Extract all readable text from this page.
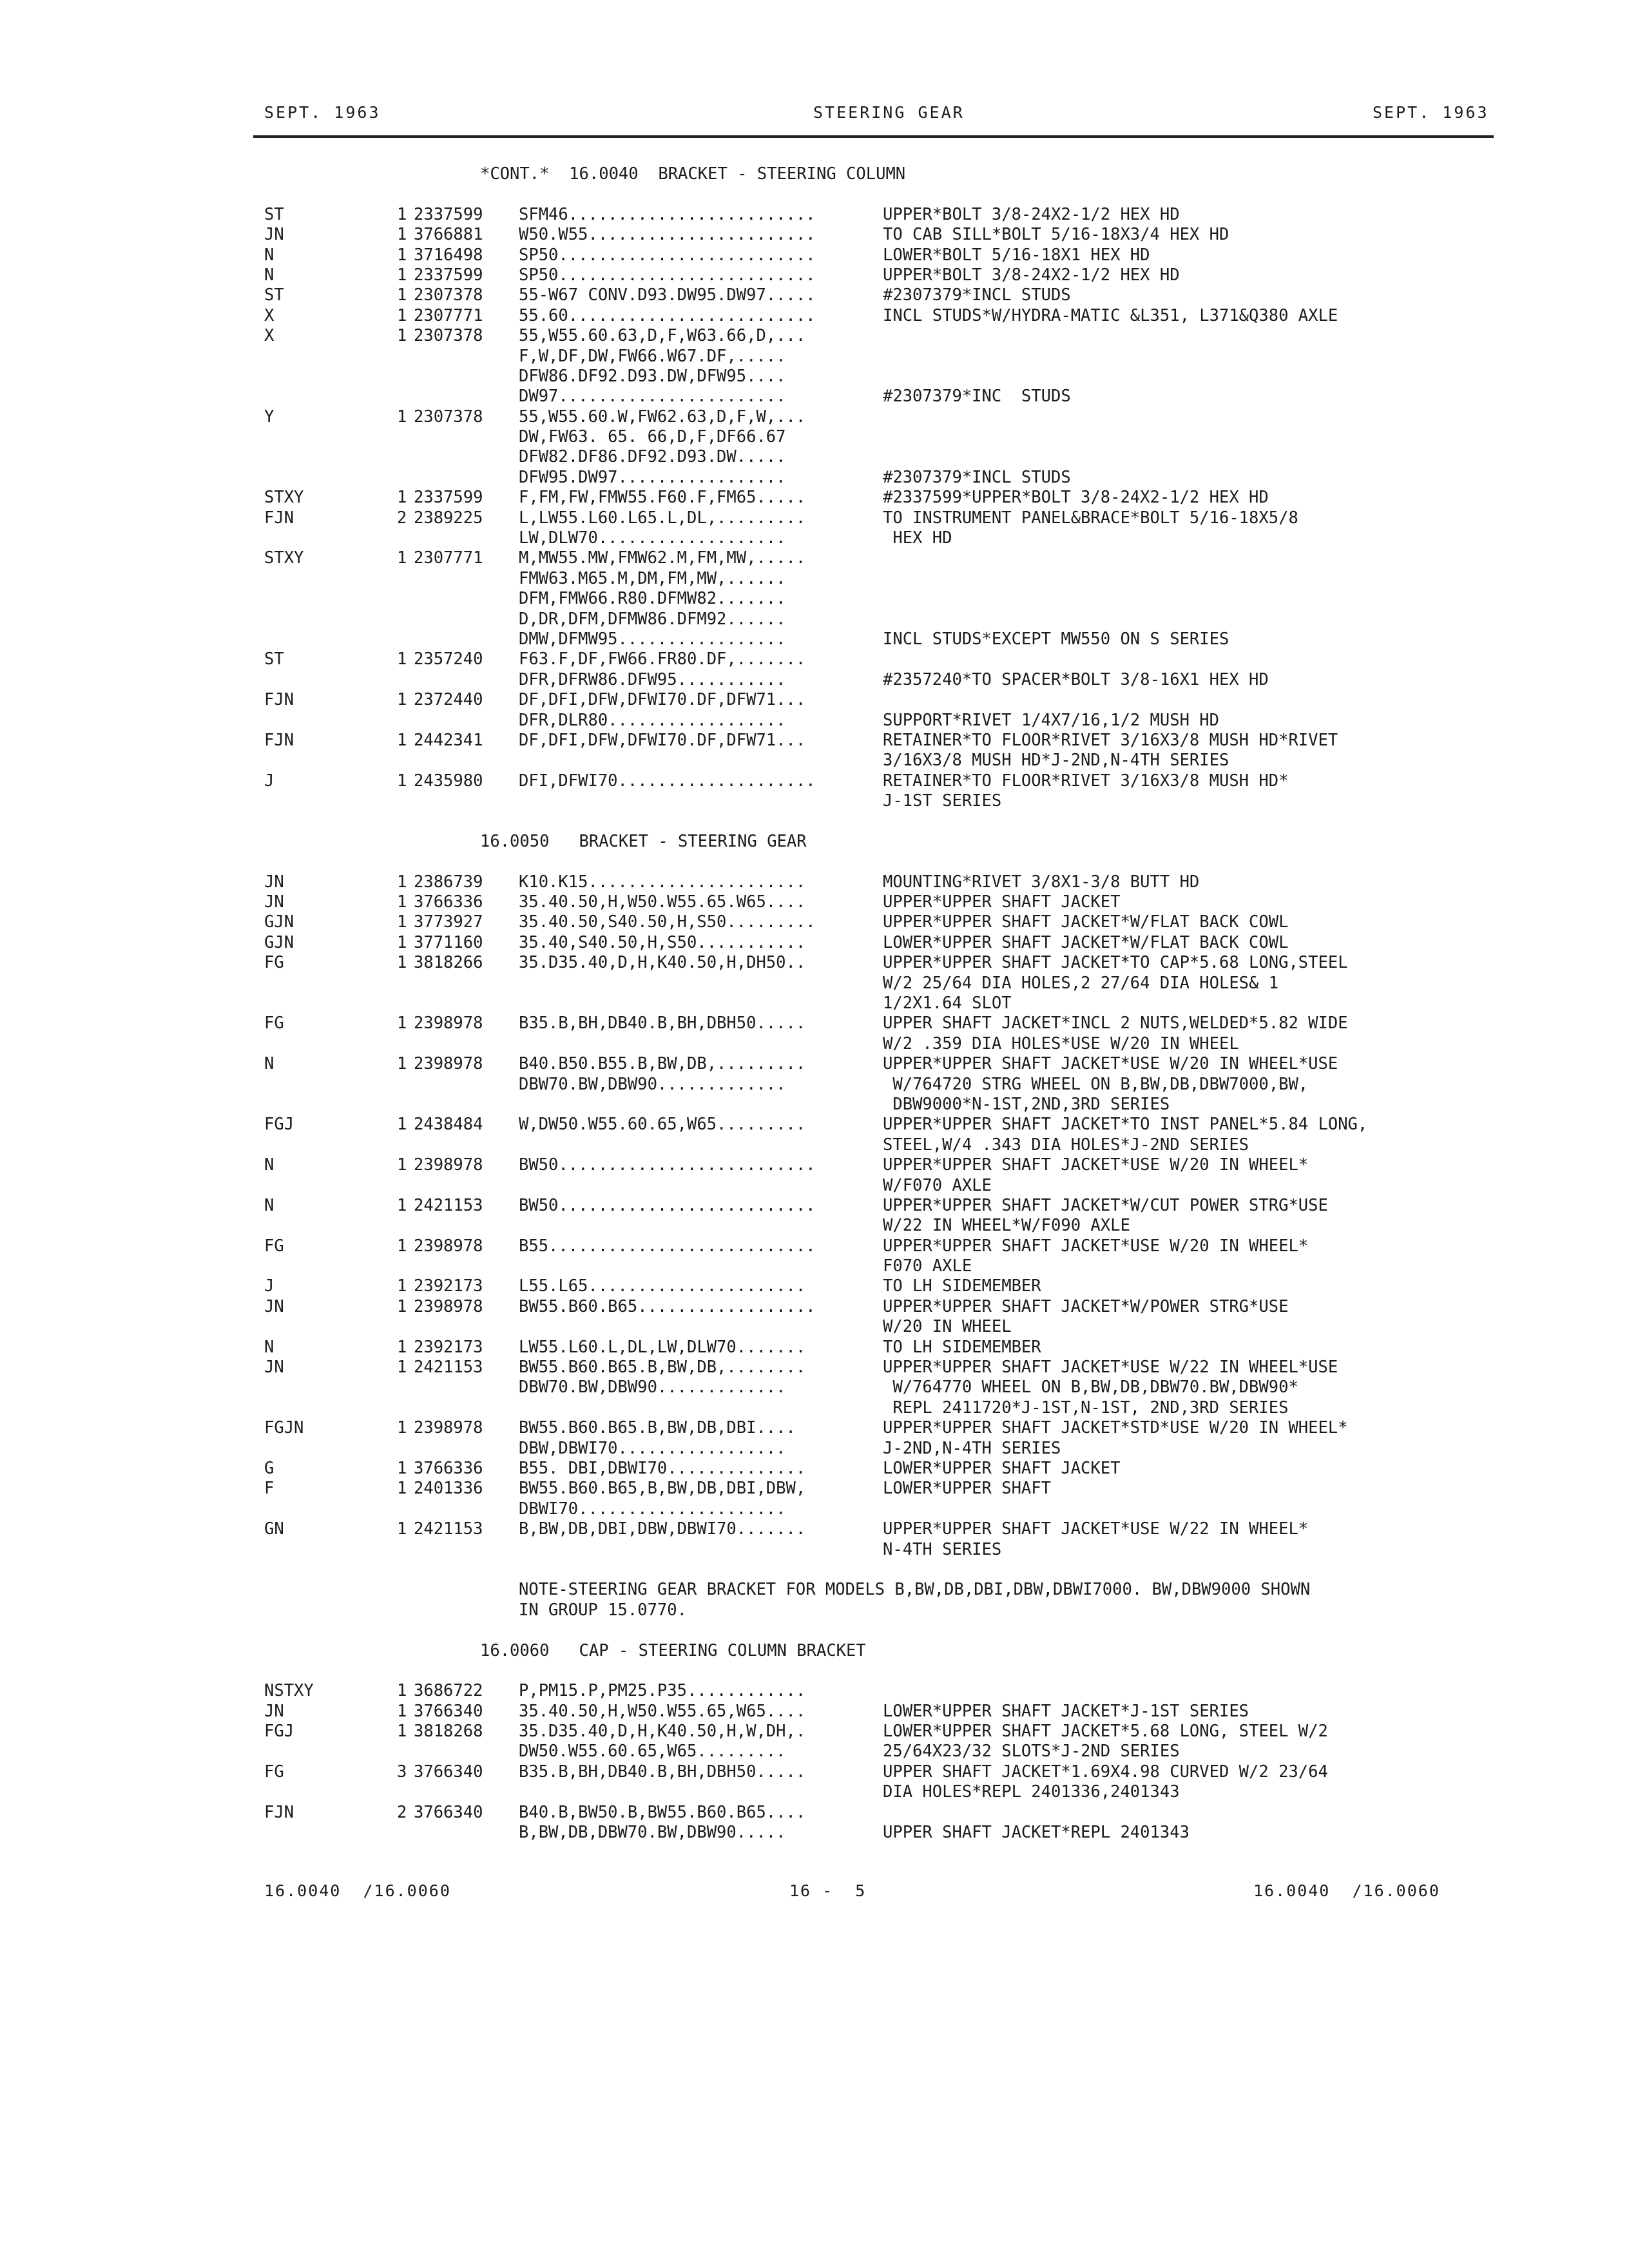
SEPT. 1963	STEERING GEAR	SEPT. 1963
*CONT.*  16.0040  BRACKET - STEERING COLUMN
ST	1 2337599 SFM46.........................	UPPER*BOLT 3/8-24X2-1/2 HEX HD
JN	1 3766881 W50.W55.......................	TO CAB SILL*BOLT 5/16-18X3/4 HEX HD
N	1 3716498 SP50..........................	LOWER*BOLT 5/16-18X1 HEX HD
N	1 2337599 SP50..........................	UPPER*BOLT 3/8-24X2-1/2 HEX HD
ST	1 2307378 55-W67 CONV.D93.DW95.DW97.....	#2307379*INCL STUDS
X	1 2307771 55.60.........................	INCL STUDS*W/HYDRA-MATIC &L351, L371&Q380 AXLE
X	1 2307378 55,W55.60.63,D,F,W63.66,D,...
F,W,DF,DW,FW66.W67.DF,.....
DFW86.DF92.D93.DW,DFW95....
DW97.......................	#2307379*INC  STUDS
Y	1 2307378 55,W55.60.W,FW62.63,D,F,W,...
DW,FW63. 65. 66,D,F,DF66.67
DFW82.DF86.DF92.D93.DW.....
DFW95.DW97.................	#2307379*INCL STUDS
STXY	1 2337599 F,FM,FW,FMW55.F60.F,FM65.....	#2337599*UPPER*BOLT 3/8-24X2-1/2 HEX HD
FJN	2 2389225 L,LW55.L60.L65.L,DL,.........	TO INSTRUMENT PANEL&BRACE*BOLT 5/16-18X5/8
LW,DLW70...................	HEX HD
STXY	1 2307771 M,MW55.MW,FMW62.M,FM,MW,.....
FMW63.M65.M,DM,FM,MW,......
DFM,FMW66.R80.DFMW82.......
D,DR,DFM,DFMW86.DFM92......
DMW,DFMW95.................	INCL STUDS*EXCEPT MW550 ON S SERIES
ST	1 2357240 F63.F,DF,FW66.FR80.DF,.......
DFR,DFRW86.DFW95...........	#2357240*TO SPACER*BOLT 3/8-16X1 HEX HD
FJN	1 2372440 DF,DFI,DFW,DFWI70.DF,DFW71...
DFR,DLR80..................	SUPPORT*RIVET 1/4X7/16,1/2 MUSH HD
FJN	1 2442341 DF,DFI,DFW,DFWI70.DF,DFW71...	RETAINER*TO FLOOR*RIVET 3/16X3/8 MUSH HD*RIVET
3/16X3/8 MUSH HD*J-2ND,N-4TH SERIES
J	1 2435980 DFI,DFWI70....................	RETAINER*TO FLOOR*RIVET 3/16X3/8 MUSH HD*
J-1ST SERIES
16.0050   BRACKET - STEERING GEAR
JN	1 2386739 K10.K15......................	MOUNTING*RIVET 3/8X1-3/8 BUTT HD
JN	1 3766336 35.40.50,H,W50.W55.65.W65....	UPPER*UPPER SHAFT JACKET
GJN	1 3773927 35.40.50,S40.50,H,S50.........	UPPER*UPPER SHAFT JACKET*W/FLAT BACK COWL
GJN	1 3771160 35.40,S40.50,H,S50...........	LOWER*UPPER SHAFT JACKET*W/FLAT BACK COWL
FG	1 3818266 35.D35.40,D,H,K40.50,H,DH50..	UPPER*UPPER SHAFT JACKET*TO CAP*5.68 LONG,STEEL
W/2 25/64 DIA HOLES,2 27/64 DIA HOLES& 1
1/2X1.64 SLOT
FG	1 2398978 B35.B,BH,DB40.B,BH,DBH50.....	UPPER SHAFT JACKET*INCL 2 NUTS,WELDED*5.82 WIDE
W/2 .359 DIA HOLES*USE W/20 IN WHEEL
N	1 2398978 B40.B50.B55.B,BW,DB,.........	UPPER*UPPER SHAFT JACKET*USE W/20 IN WHEEL*USE
DBW70.BW,DBW90.............	W/764720 STRG WHEEL ON B,BW,DB,DBW7000,BW,
DBW9000*N-1ST,2ND,3RD SERIES
FGJ	1 2438484 W,DW50.W55.60.65,W65.........	UPPER*UPPER SHAFT JACKET*TO INST PANEL*5.84 LONG,
STEEL,W/4 .343 DIA HOLES*J-2ND SERIES
N	1 2398978 BW50..........................	UPPER*UPPER SHAFT JACKET*USE W/20 IN WHEEL*
W/F070 AXLE
N	1 2421153 BW50..........................	UPPER*UPPER SHAFT JACKET*W/CUT POWER STRG*USE
W/22 IN WHEEL*W/F090 AXLE
FG	1 2398978 B55...........................	UPPER*UPPER SHAFT JACKET*USE W/20 IN WHEEL*
F070 AXLE
J	1 2392173 L55.L65......................	TO LH SIDEMEMBER
JN	1 2398978 BW55.B60.B65..................	UPPER*UPPER SHAFT JACKET*W/POWER STRG*USE
W/20 IN WHEEL
N	1 2392173 LW55.L60.L,DL,LW,DLW70.......	TO LH SIDEMEMBER
JN	1 2421153 BW55.B60.B65.B,BW,DB,........	UPPER*UPPER SHAFT JACKET*USE W/22 IN WHEEL*USE
DBW70.BW,DBW90.............	W/764770 WHEEL ON B,BW,DB,DBW70.BW,DBW90*
REPL 2411720*J-1ST,N-1ST, 2ND,3RD SERIES
FGJN	1 2398978 BW55.B60.B65.B,BW,DB,DBI....	UPPER*UPPER SHAFT JACKET*STD*USE W/20 IN WHEEL*
DBW,DBWI70.................	J-2ND,N-4TH SERIES
G	1 3766336 B55. DBI,DBWI70..............	LOWER*UPPER SHAFT JACKET
F	1 2401336 BW55.B60.B65,B,BW,DB,DBI,DBW,	LOWER*UPPER SHAFT
DBWI70.....................
GN	1 2421153 B,BW,DB,DBI,DBW,DBWI70.......	UPPER*UPPER SHAFT JACKET*USE W/22 IN WHEEL*
N-4TH SERIES
NOTE-STEERING GEAR BRACKET FOR MODELS B,BW,DB,DBI,DBW,DBWI7000. BW,DBW9000 SHOWN
IN GROUP 15.0770.
16.0060   CAP - STEERING COLUMN BRACKET
NSTXY	1 3686722 P,PM15.P,PM25.P35............
JN	1 3766340 35.40.50,H,W50.W55.65,W65....	LOWER*UPPER SHAFT JACKET*J-1ST SERIES
FGJ	1 3818268 35.D35.40,D,H,K40.50,H,W,DH,.	LOWER*UPPER SHAFT JACKET*5.68 LONG, STEEL W/2
DW50.W55.60.65,W65.........	25/64X23/32 SLOTS*J-2ND SERIES
FG	3 3766340 B35.B,BH,DB40.B,BH,DBH50.....	UPPER SHAFT JACKET*1.69X4.98 CURVED W/2 23/64
DIA HOLES*REPL 2401336,2401343
FJN	2 3766340 B40.B,BW50.B,BW55.B60.B65....
B,BW,DB,DBW70.BW,DBW90.....	UPPER SHAFT JACKET*REPL 2401343
16.0040  /16.0060	16 -  5	16.0040  /16.0060
